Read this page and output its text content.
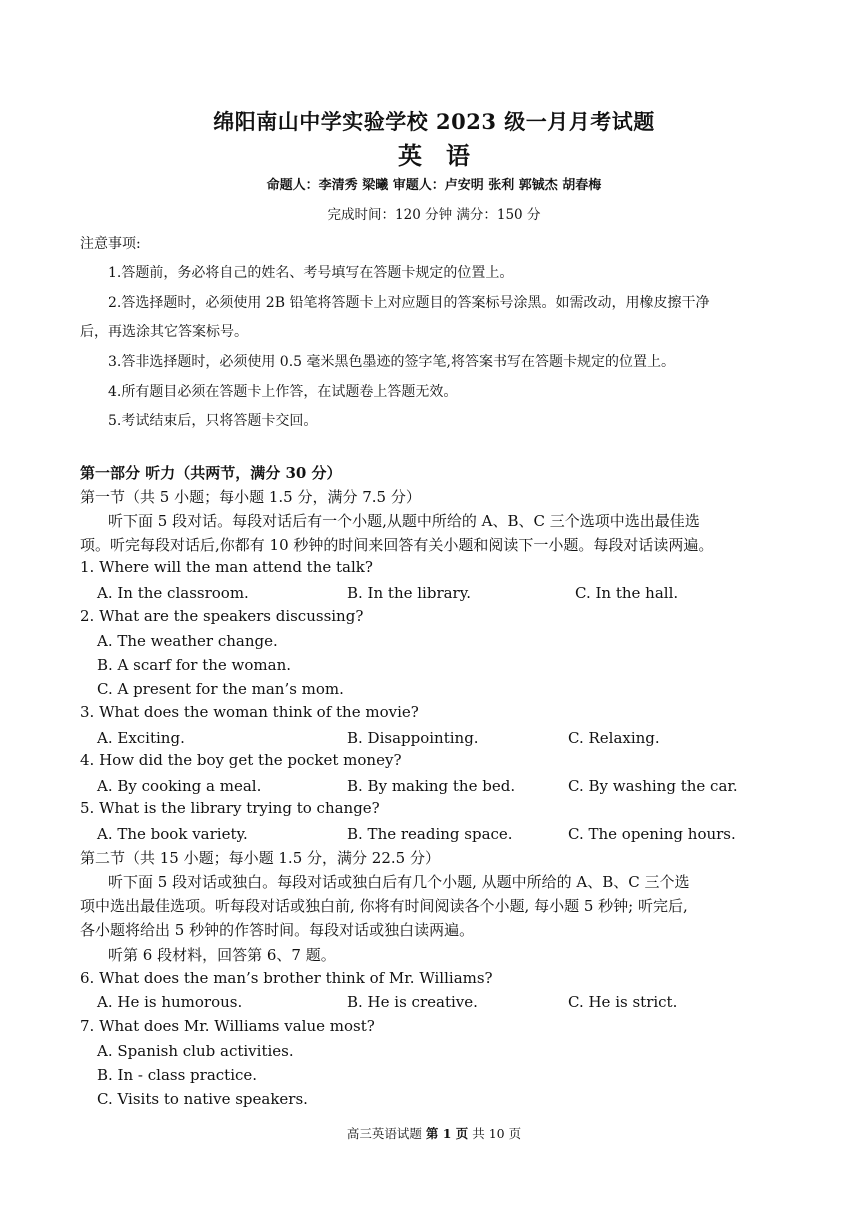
绵阳南山中学实验学校 2023 级一月月考试题
英　语
命题人：李清秀 梁曦 审题人：卢安明 张利 郭铖杰 胡春梅
完成时间：120 分钟 满分：150 分
注意事项:
1.答题前，务必将自己的姓名、考号填写在答题卡规定的位置上。
2.答选择题时，必须使用 2B 铅笔将答题卡上对应题目的答案标号涂黑。如需改动，用橡皮擦干净
后，再选涂其它答案标号。
3.答非选择题时，必须使用 0.5 毫米黑色墨迹的签字笔,将答案书写在答题卡规定的位置上。
4.所有题目必须在答题卡上作答，在试题卷上答题无效。
5.考试结束后，只将答题卡交回。
第一部分 听力（共两节，满分 30 分）
第一节（共 5 小题；每小题 1.5 分，满分 7.5 分）
听下面 5 段对话。每段对话后有一个小题,从题中所给的 A、B、C 三个选项中选出最佳选
项。听完每段对话后,你都有 10 秒钟的时间来回答有关小题和阅读下一小题。每段对话读两遍。
1. Where will the man attend the talk?
A. In the classroom.	B. In the library.	C. In the hall.
2. What are the speakers discussing?
A. The weather change.
B. A scarf for the woman.
C. A present for the man’s mom.
3. What does the woman think of the movie?
A. Exciting.	B. Disappointing.	C. Relaxing.
4. How did the boy get the pocket money?
A. By cooking a meal.	B. By making the bed.	C. By washing the car.
5. What is the library trying to change?
A. The book variety.	B. The reading space.	C. The opening hours.
第二节（共 15 小题；每小题 1.5 分，满分 22.5 分）
听下面 5 段对话或独白。每段对话或独白后有几个小题, 从题中所给的 A、B、C 三个选
项中选出最佳选项。听每段对话或独白前, 你将有时间阅读各个小题, 每小题 5 秒钟; 听完后,
各小题将给出 5 秒钟的作答时间。每段对话或独白读两遍。
听第 6 段材料，回答第 6、7 题。
6. What does the man’s brother think of Mr. Williams?
A. He is humorous.	B. He is creative.	C. He is strict.
7. What does Mr. Williams value most?
A. Spanish club activities.
B. In - class practice.
C. Visits to native speakers.
高三英语试题 第 1 页 共 10 页
